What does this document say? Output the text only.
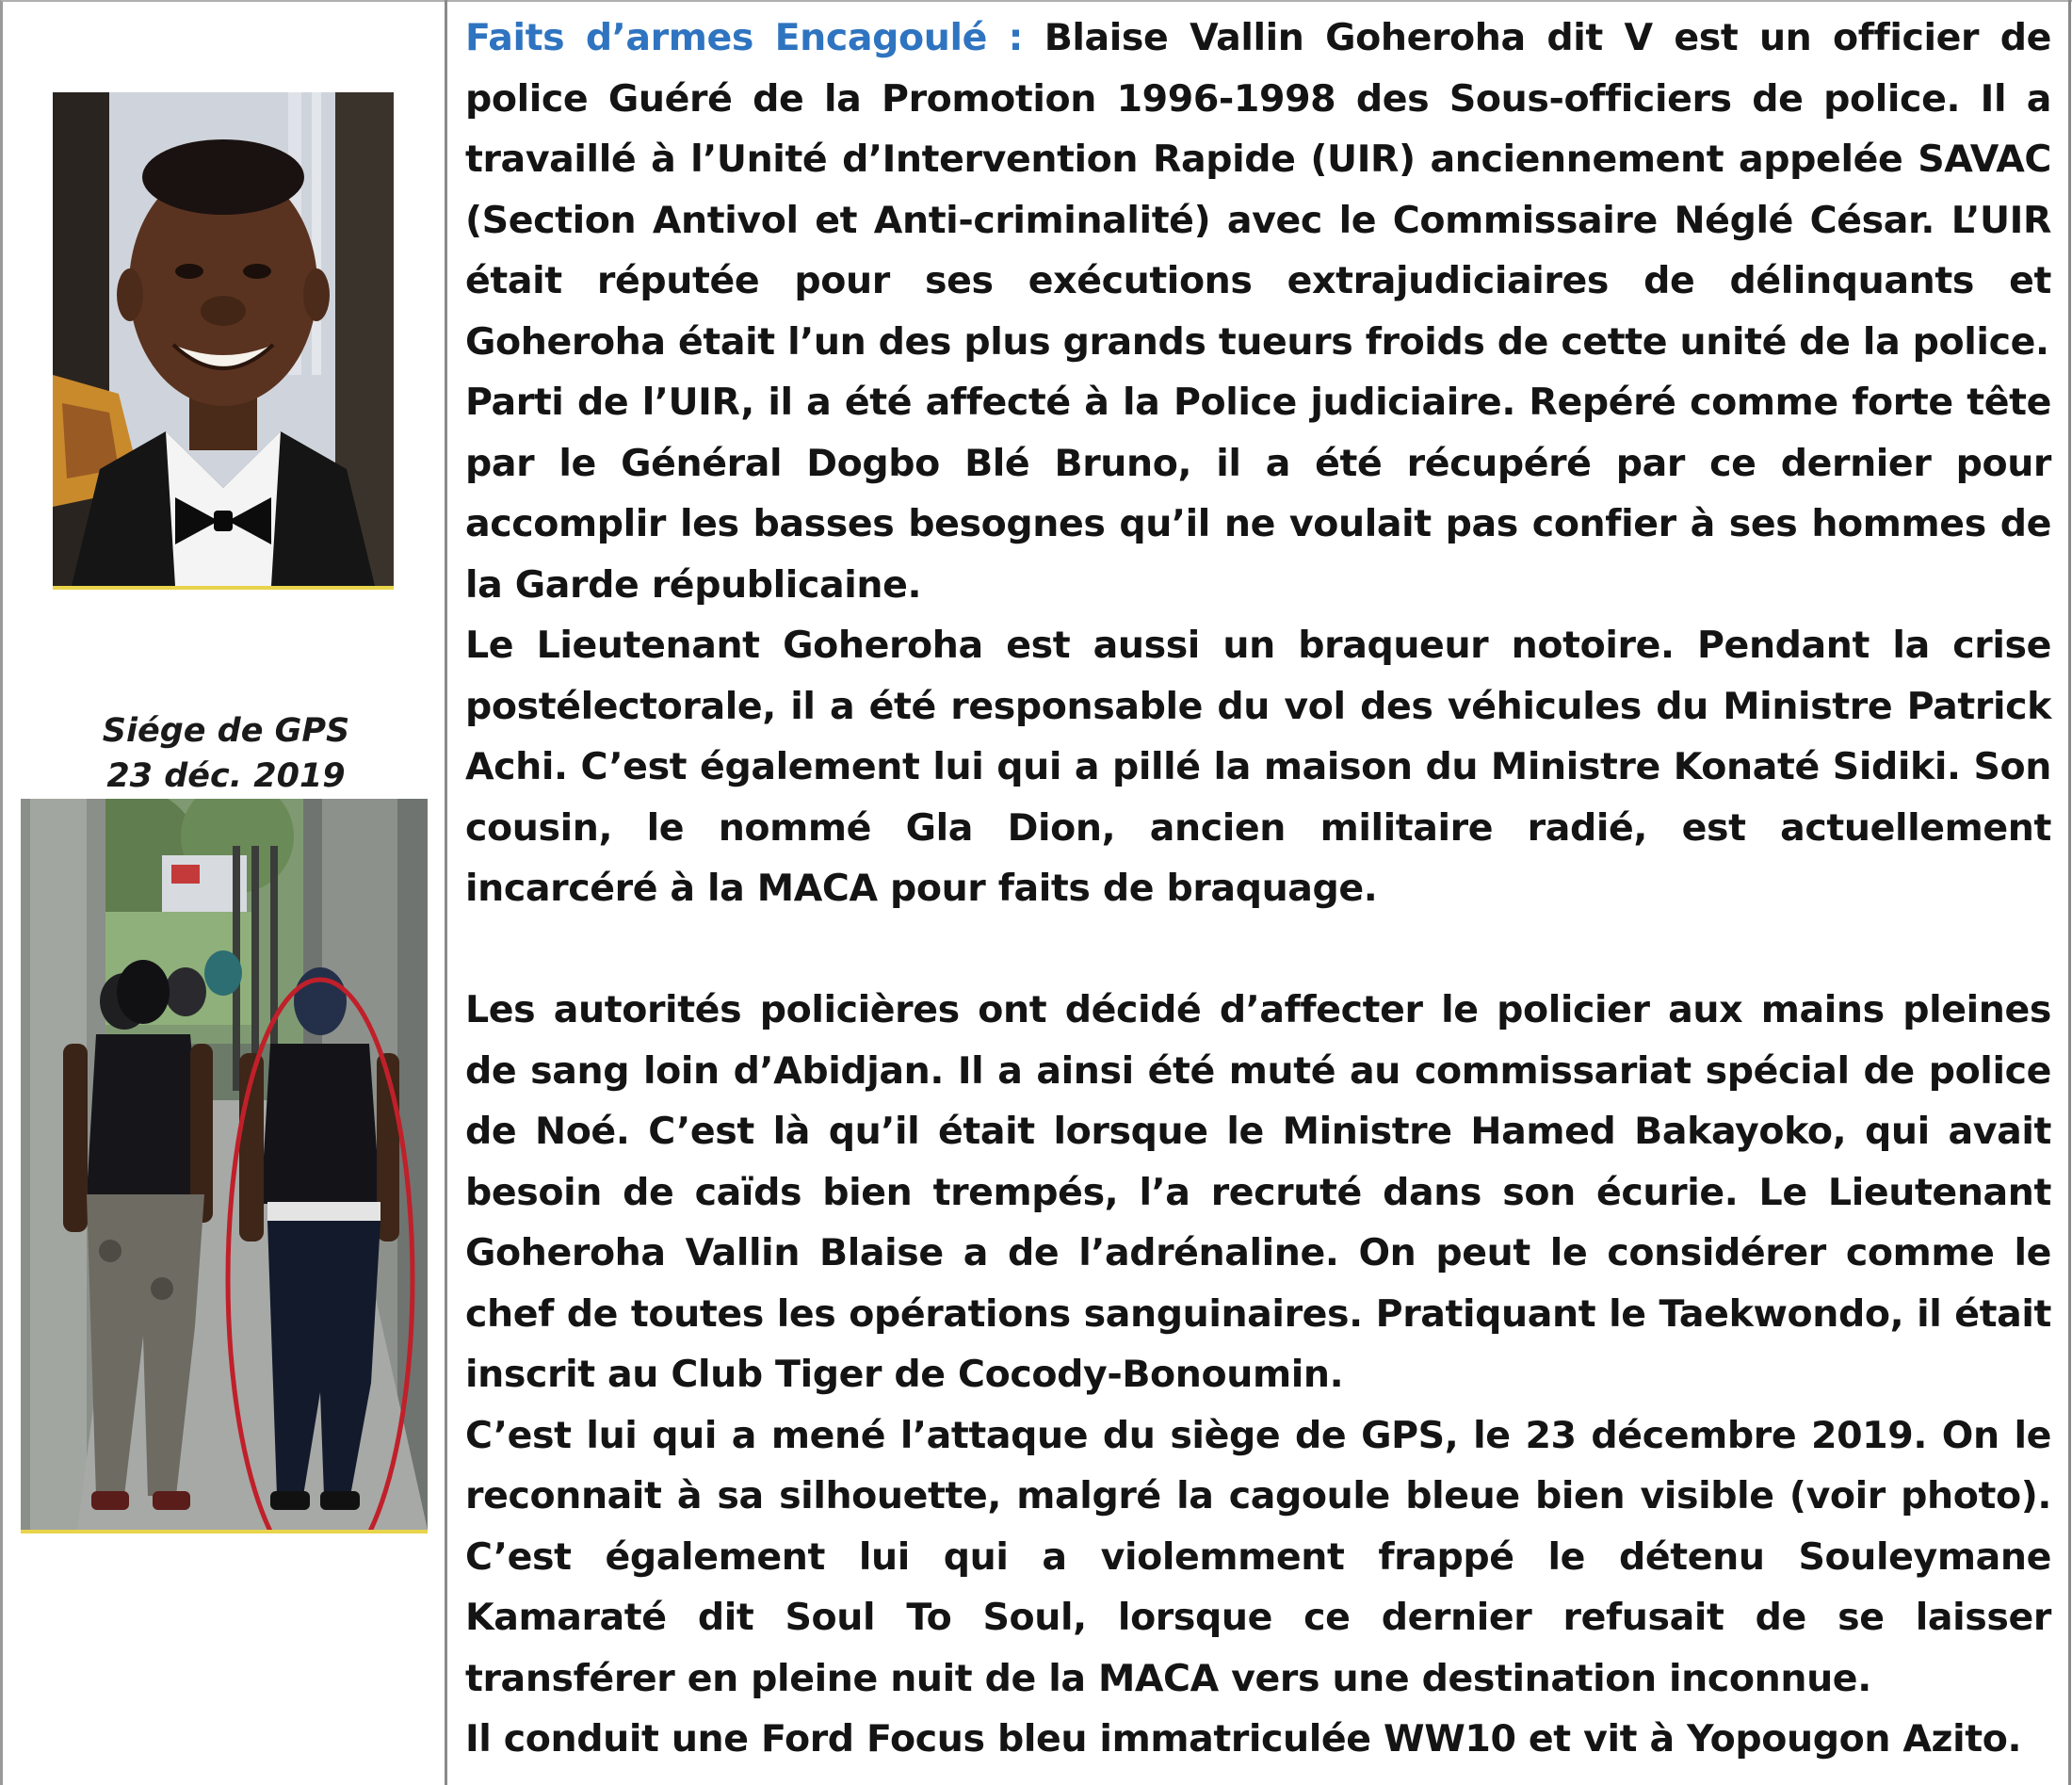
Siége de GPS
23 déc. 2019

Faits d’armes Encagoulé : Blaise Vallin Goheroha dit V est un officier de police Guéré de la Promotion 1996-1998 des Sous-officiers de police. Il a travaillé à l’Unité d’Intervention Rapide (UIR) anciennement appelée SAVAC (Section Antivol et Anti-criminalité) avec le Commissaire Néglé César. L’UIR était réputée pour ses exécutions extrajudiciaires de délinquants et Goheroha était l’un des plus grands tueurs froids de cette unité de la police.

Parti de l’UIR, il a été affecté à la Police judiciaire. Repéré comme forte tête par le Général Dogbo Blé Bruno, il a été récupéré par ce dernier pour accomplir les basses besognes qu’il ne voulait pas confier à ses hommes de la Garde républicaine.

Le Lieutenant Goheroha est aussi un braqueur notoire. Pendant la crise postélectorale, il a été responsable du vol des véhicules du Ministre Patrick Achi. C’est également lui qui a pillé la maison du Ministre Konaté Sidiki. Son cousin, le nommé Gla Dion, ancien militaire radié, est actuellement incarcéré à la MACA pour faits de braquage.

Les autorités policières ont décidé d’affecter le policier aux mains pleines de sang loin d’Abidjan. Il a ainsi été muté au commissariat spécial de police de Noé. C’est là qu’il était lorsque le Ministre Hamed Bakayoko, qui avait besoin de caïds bien trempés, l’a recruté dans son écurie. Le Lieutenant Goheroha Vallin Blaise a de l’adrénaline. On peut le considérer comme le chef de toutes les opérations sanguinaires. Pratiquant le Taekwondo, il était inscrit au Club Tiger de Cocody-Bonoumin.

C’est lui qui a mené l’attaque du siège de GPS, le 23 décembre 2019. On le reconnait à sa silhouette, malgré la cagoule bleue bien visible (voir photo). C’est également lui qui a violemment frappé le détenu Souleymane Kamaraté dit Soul To Soul, lorsque ce dernier refusait de se laisser transférer en pleine nuit de la MACA vers une destination inconnue.

Il conduit une Ford Focus bleu immatriculée WW10 et vit à Yopougon Azito.
